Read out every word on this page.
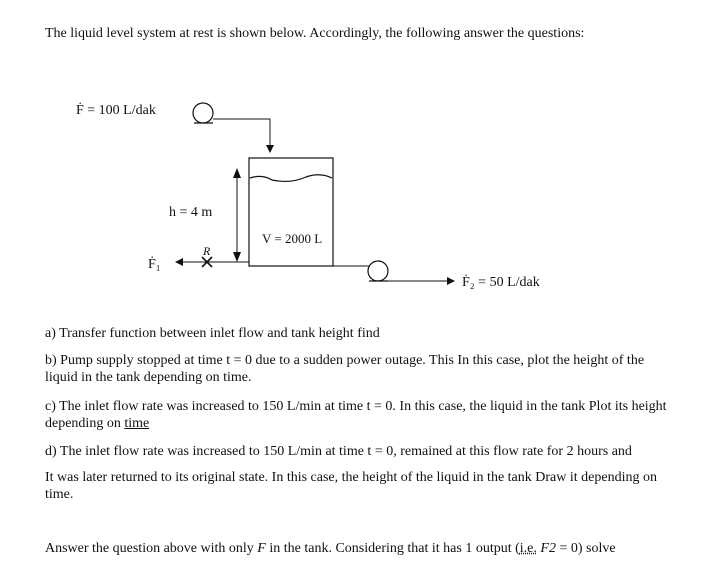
The liquid level system at rest is shown below. Accordingly, the following answer the questions:
Ḟ = 100 L/dak
V = 2000 L
h = 4 m
R
Ḟ₁
Ḟ₂ = 50 L/dak
a) Transfer function between inlet flow and tank height find
b) Pump supply stopped at time t = 0 due to a sudden power outage. This In this case, plot the height of the liquid in the tank depending on time.
c) The inlet flow rate was increased to 150 L/min at time t = 0. In this case, the liquid in the tank Plot its height depending on time
d) The inlet flow rate was increased to 150 L/min at time t = 0, remained at this flow rate for 2 hours and
It was later returned to its original state. In this case, the height of the liquid in the tank Draw it depending on time.
Answer the question above with only F in the tank. Considering that it has 1 output (i.e. F2 = 0) solve
